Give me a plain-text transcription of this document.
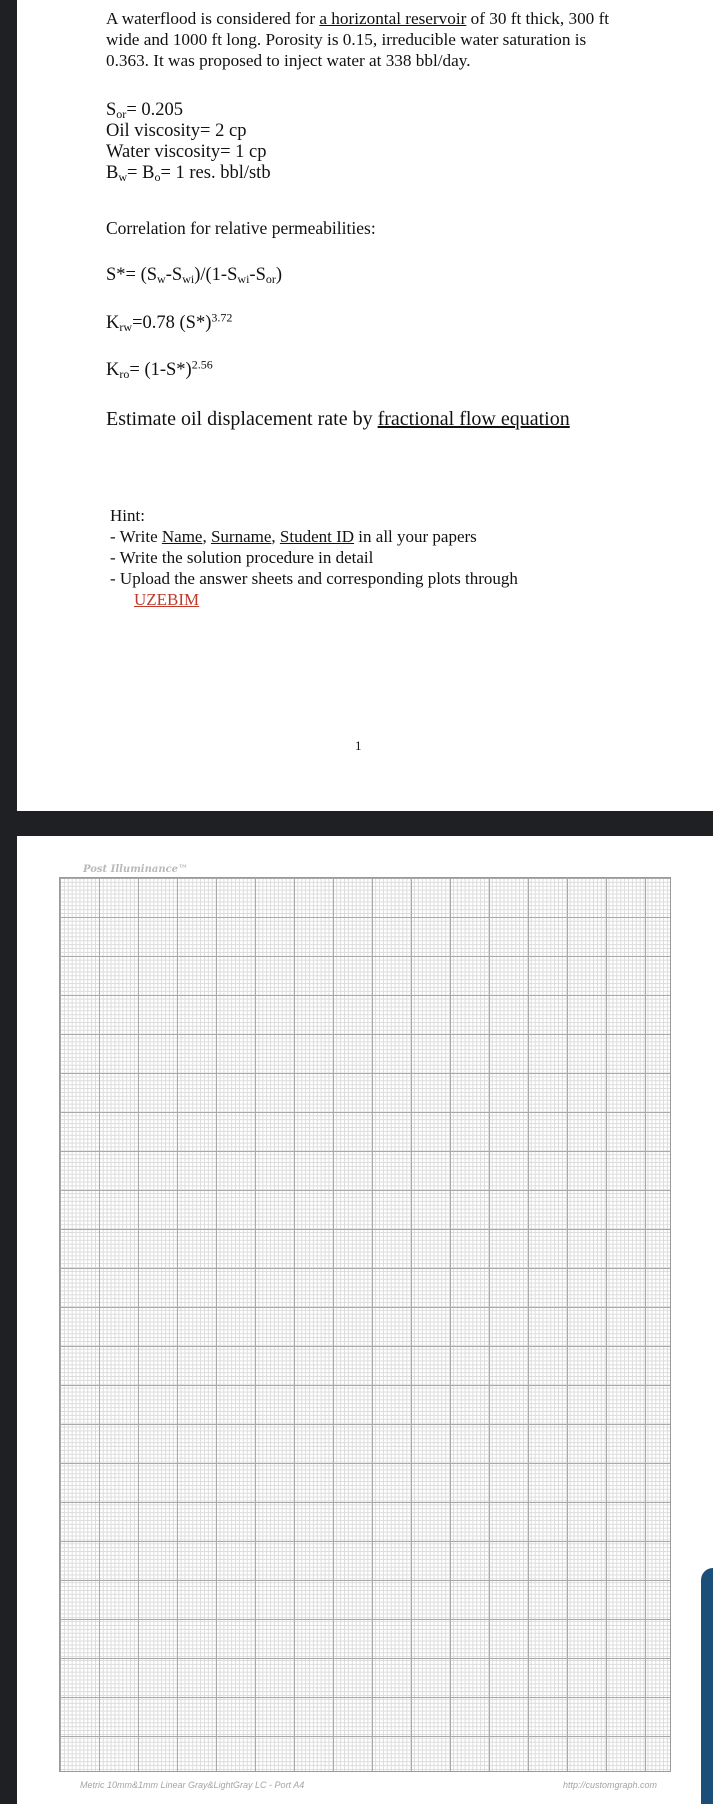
A waterflood is considered for a horizontal reservoir of 30 ft thick, 300 ft wide and 1000 ft long. Porosity is 0.15, irreducible water saturation is 0.363. It was proposed to inject water at 338 bbl/day.
$S_{or}= 0.205$
Oil viscosity= 2 cp
Water viscosity= 1 cp
$B_w= B_o= 1$ res. bbl/stb
Correlation for relative permeabilities:
$S*= (S_w-S_{wi})/(1-S_{wi}-S_{or})$
$K_{rw}=0.78$ $(S*)^{3.72}$
$K_{ro}= (1-S*)^{2.56}$
Estimate oil displacement rate by fractional flow equation
Hint:
- Write Name, Surname, Student ID in all your papers
- Write the solution procedure in detail
- Upload the answer sheets and corresponding plots through
UZEBIM
1
Post Illuminance™
Metric 10mm&1mm Linear Gray&LightGray LC - Port A4	http://customgraph.com
